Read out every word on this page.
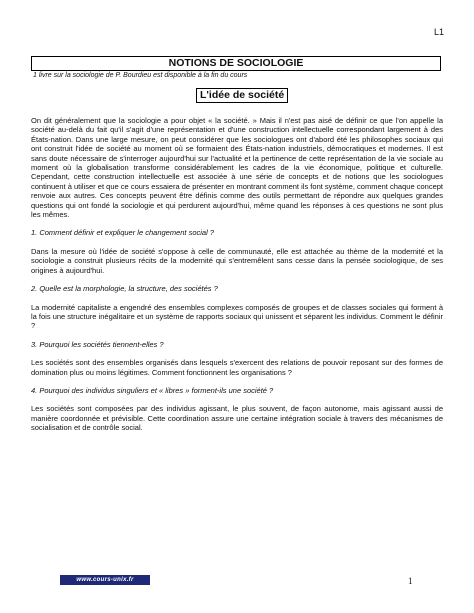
L1
NOTIONS DE SOCIOLOGIE
1 livre sur la sociologie de P. Bourdieu est disponible à la fin du cours
L'idée de société

On dit généralement que la sociologie a pour objet « la société. » Mais il n'est pas aisé de définir ce que l'on appelle la société au-delà du fait qu'il s'agit d'une représentation et d'une construction intellectuelle correspondant largement à des États-nation. Dans une large mesure, on peut considérer que les sociologues ont d'abord été les philosophes sociaux qui ont construit l'idée de société au moment où se formaient des États-nation industriels, démocratiques et modernes. Il est sans doute nécessaire de s'interroger aujourd'hui sur l'actualité et la pertinence de cette représentation de la vie sociale au moment où la globalisation transforme considérablement les cadres de la vie économique, politique et culturelle. Cependant, cette construction intellectuelle est associée à une série de concepts et de notions que les sociologues continuent à utiliser et que ce cours essaiera de présenter en montrant comment ils font système, comment chaque concept renvoie aux autres. Ces concepts peuvent être définis comme des outils permettant de répondre aux quelques grandes questions qui ont fondé la sociologie et qui perdurent aujourd'hui, même quand les réponses à ces questions ne sont plus les mêmes.

1. Comment définir et expliquer le changement social ?

Dans la mesure où l'idée de société s'oppose à celle de communauté, elle est attachée au thème de la modernité et la sociologie a construit plusieurs récits de la modernité qui s'entremêlent sans cesse dans la pensée sociologique, de ses origines à aujourd'hui.

2. Quelle est la morphologie, la structure, des sociétés ?

La modernité capitaliste a engendré des ensembles complexes composés de groupes et de classes sociales qui forment à la fois une structure inégalitaire et un système de rapports sociaux qui unissent et séparent les individus. Comment le définir ?

3. Pourquoi les sociétés tiennent-elles ?

Les sociétés sont des ensembles organisés dans lesquels s'exercent des relations de pouvoir reposant sur des formes de domination plus ou moins légitimes. Comment fonctionnent les organisations ?

4. Pourquoi des individus singuliers et « libres » forment-ils une société ?

Les sociétés sont composées par des individus agissant, le plus souvent, de façon autonome, mais agissant aussi de manière coordonnée et prévisible. Cette coordination assure une certaine intégration sociale à travers des mécanismes de socialisation et de contrôle social.

www.cours-unix.fr	1
